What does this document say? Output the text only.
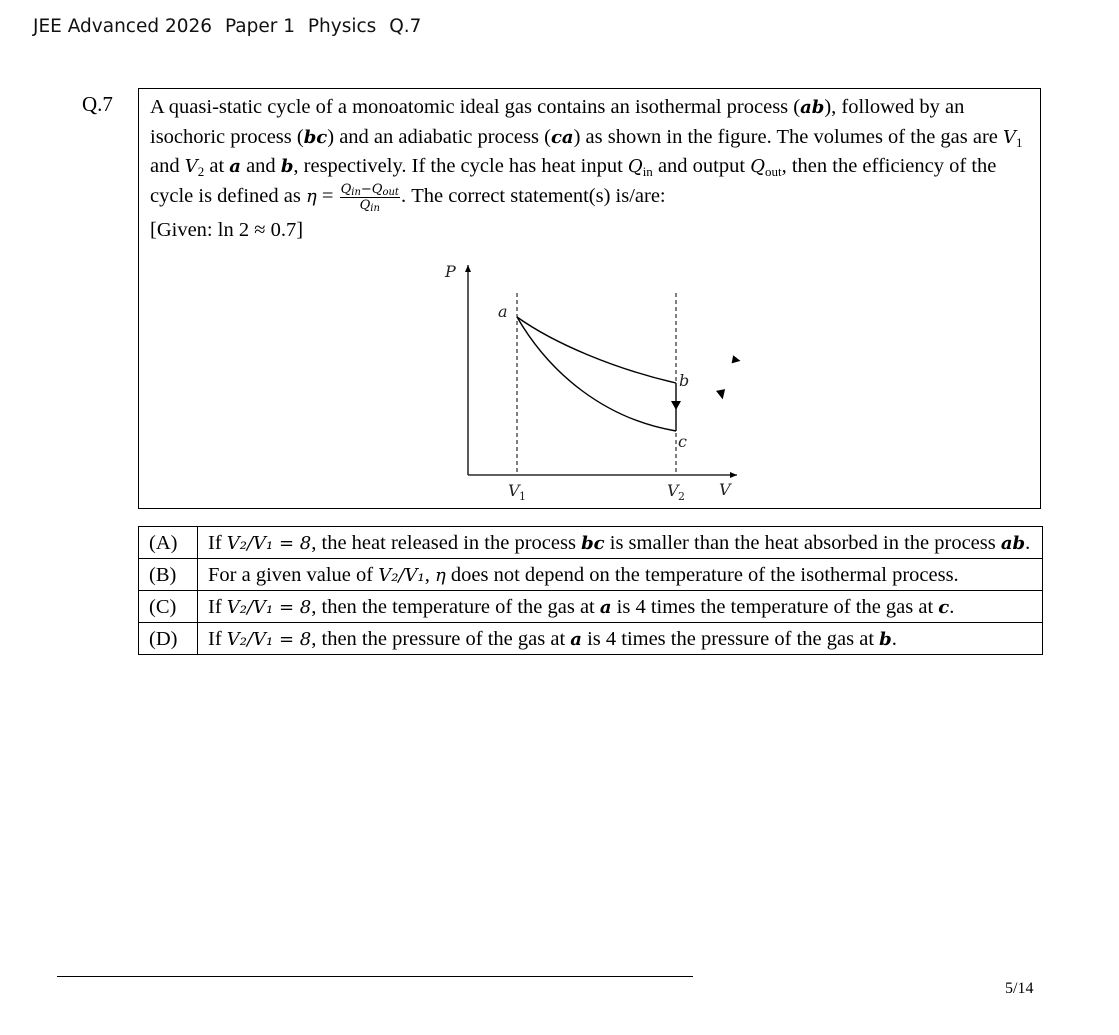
JEE Advanced 2026 Paper 1 Physics Q.7
Q.7 A quasi-static cycle of a monoatomic ideal gas contains an isothermal process (ab), followed by an isochoric process (bc) and an adiabatic process (ca) as shown in the figure. The volumes of the gas are $V_1$ and $V_2$ at a and b, respectively. If the cycle has heat input $Q_{in}$ and output $Q_{out}$, then the efficiency of the cycle is defined as $\eta = \frac{Q_{in}-Q_{out}}{Q_{in}}$ . The correct statement(s) is/are:
[Given: ln 2 ≈ 0.7]
P
V
a
b
c
V 1	V 2
(A)	If V₂/V₁ = 8, the heat released in the process bc is smaller than the heat absorbed in the process ab.
(B)	For a given value of V₂/V₁, η does not depend on the temperature of the isothermal process.
(C)	If V₂/V₁ = 8, then the temperature of the gas at a is 4 times the temperature of the gas at c.
(D)	If V₂/V₁ = 8, then the pressure of the gas at a is 4 times the pressure of the gas at b.
5/14
